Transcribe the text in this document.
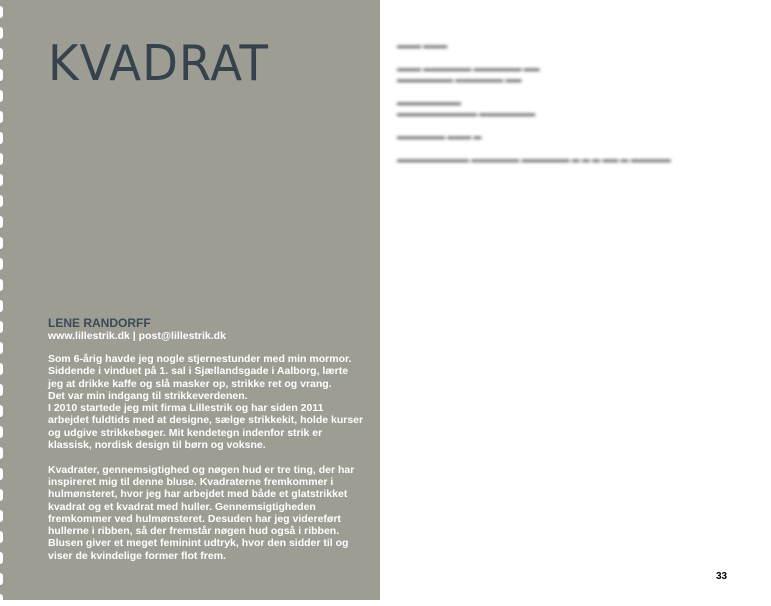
KVADRAT
LENE RANDORFF
www.lillestrik.dk | post@lillestrik.dk

Som 6-årig havde jeg nogle stjernestunder med min mormor.
Siddende i vinduet på 1. sal i Sjællandsgade i Aalborg, lærte
jeg at drikke kaffe og slå masker op, strikke ret og vrang.
Det var min indgang til strikkeverdenen.
I 2010 startede jeg mit firma Lillestrik og har siden 2011
arbejdet fuldtids med at designe, sælge strikkekit, holde kurser
og udgive strikkebøger. Mit kendetegn indenfor strik er
klassisk, nordisk design til børn og voksne.

Kvadrater, gennemsigtighed og nøgen hud er tre ting, der har
inspireret mig til denne bluse. Kvadraterne fremkommer i
hulmønsteret, hvor jeg har arbejdet med både et glatstrikket
kvadrat og et kvadrat med huller. Gennemsigtigheden
fremkommer ved hulmønsteret. Desuden har jeg videreført
hullerne i ribben, så der fremstår nøgen hud også i ribben.
Blusen giver et meget feminint udtryk, hvor den sidder til og
viser de kvindelige former flot frem.

▬▬▬ ▬▬▬
▬▬▬ ▬▬▬▬▬▬ ▬▬▬▬▬▬ ▬▬
▬▬▬▬▬▬▬ ▬▬▬▬▬▬ ▬▬
▬▬▬▬▬▬▬▬
▬▬▬▬▬▬▬▬▬▬ ▬▬▬▬▬▬▬
▬▬▬▬▬▬ ▬▬▬ ▬
▬▬▬▬▬▬▬▬▬ ▬▬▬▬▬▬ ▬▬▬▬▬▬ ▬ ▬ ▬ ▬▬ ▬ ▬▬▬▬▬
33
